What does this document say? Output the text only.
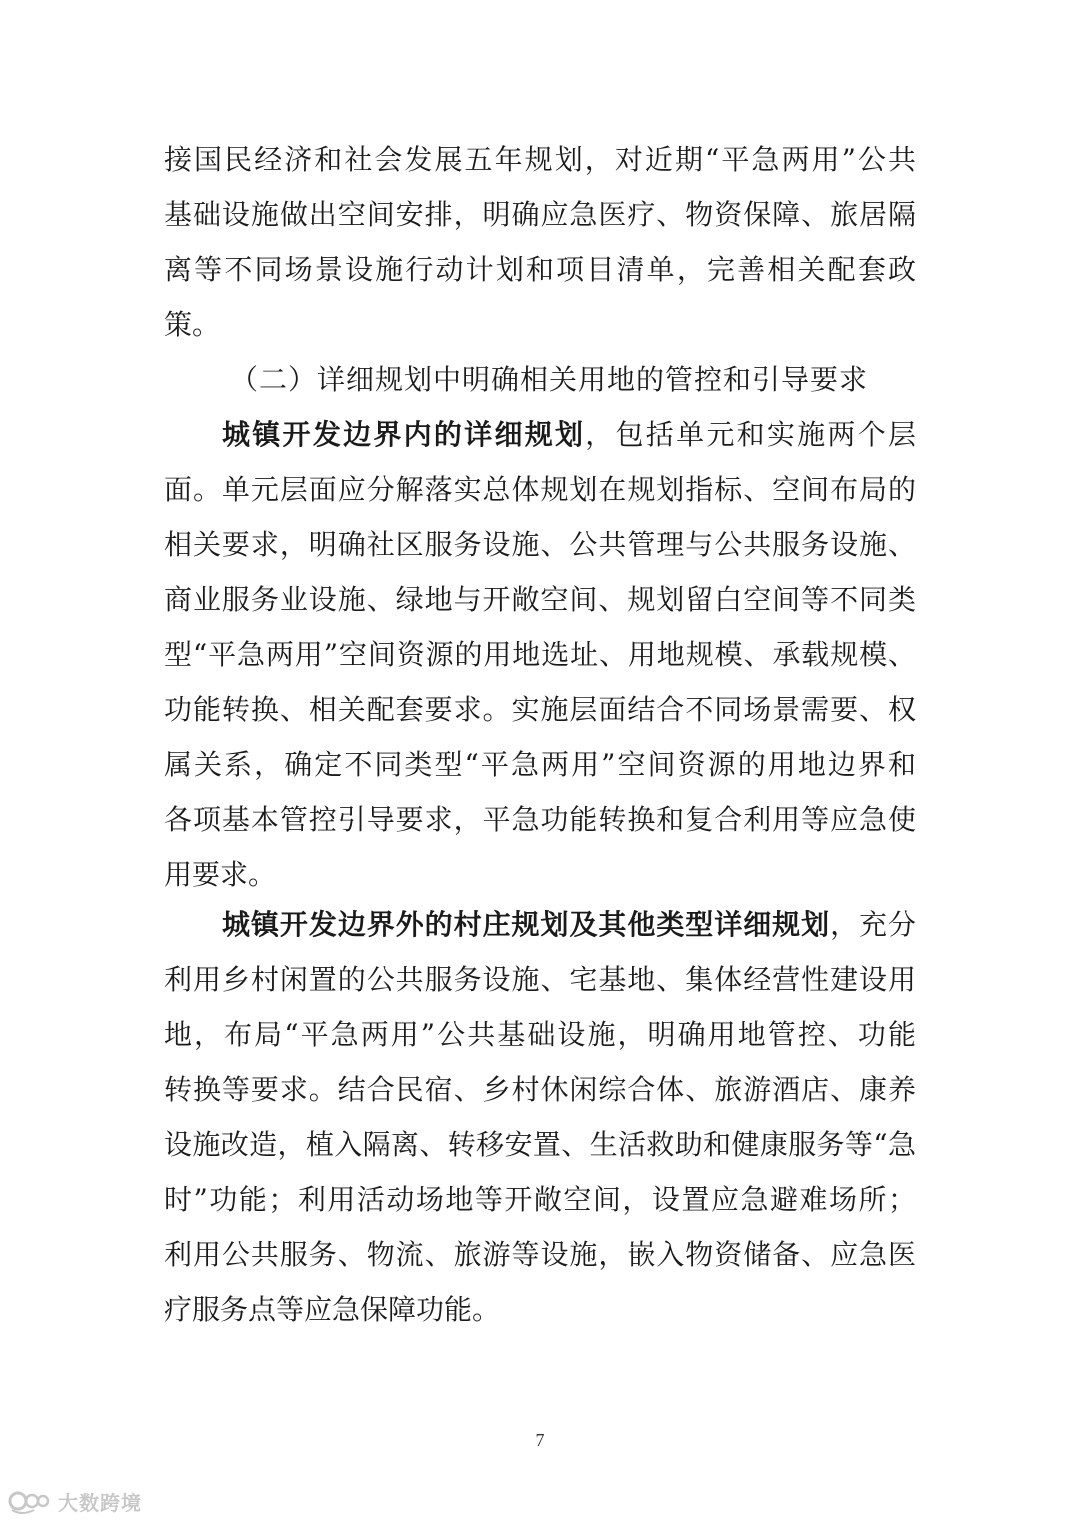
接国民经济和社会发展五年规划，对近期“平急两用”公共
基础设施做出空间安排，明确应急医疗、物资保障、旅居隔
离等不同场景设施行动计划和项目清单，完善相关配套政
策。
（二）详细规划中明确相关用地的管控和引导要求
城镇开发边界内的详细规划，包括单元和实施两个层
面。单元层面应分解落实总体规划在规划指标、空间布局的
相关要求，明确社区服务设施、公共管理与公共服务设施、
商业服务业设施、绿地与开敞空间、规划留白空间等不同类
型“平急两用”空间资源的用地选址、用地规模、承载规模、
功能转换、相关配套要求。实施层面结合不同场景需要、权
属关系，确定不同类型“平急两用”空间资源的用地边界和
各项基本管控引导要求，平急功能转换和复合利用等应急使
用要求。
城镇开发边界外的村庄规划及其他类型详细规划，充分
利用乡村闲置的公共服务设施、宅基地、集体经营性建设用
地，布局“平急两用”公共基础设施，明确用地管控、功能
转换等要求。结合民宿、乡村休闲综合体、旅游酒店、康养
设施改造，植入隔离、转移安置、生活救助和健康服务等“急
时”功能；利用活动场地等开敞空间，设置应急避难场所；
利用公共服务、物流、旅游等设施，嵌入物资储备、应急医
疗服务点等应急保障功能。
7
大数跨境
